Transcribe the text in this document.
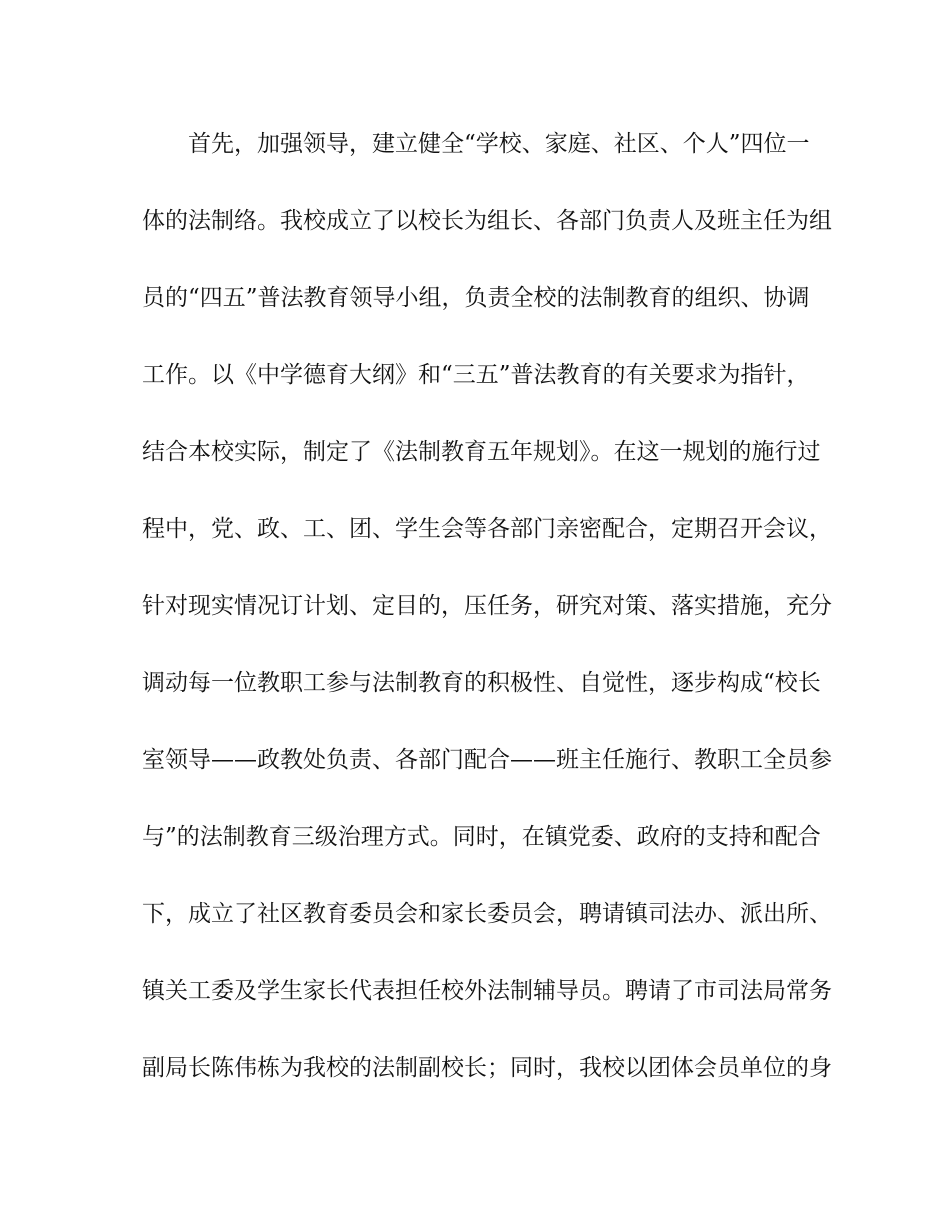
首先，加强领导，建立健全“学校、家庭、社区、个人”四位一
体的法制络。我校成立了以校长为组长、各部门负责人及班主任为组
员的“四五”普法教育领导小组，负责全校的法制教育的组织、协调
工作。以《中学德育大纲》和“三五”普法教育的有关要求为指针，
结合本校实际，制定了《法制教育五年规划》。在这一规划的施行过
程中，党、政、工、团、学生会等各部门亲密配合，定期召开会议，
针对现实情况订计划、定目的，压任务，研究对策、落实措施，充分
调动每一位教职工参与法制教育的积极性、自觉性，逐步构成“校长
室领导——政教处负责、各部门配合——班主任施行、教职工全员参
与”的法制教育三级治理方式。同时，在镇党委、政府的支持和配合
下，成立了社区教育委员会和家长委员会，聘请镇司法办、派出所、
镇关工委及学生家长代表担任校外法制辅导员。聘请了市司法局常务
副局长陈伟栋为我校的法制副校长；同时，我校以团体会员单位的身
